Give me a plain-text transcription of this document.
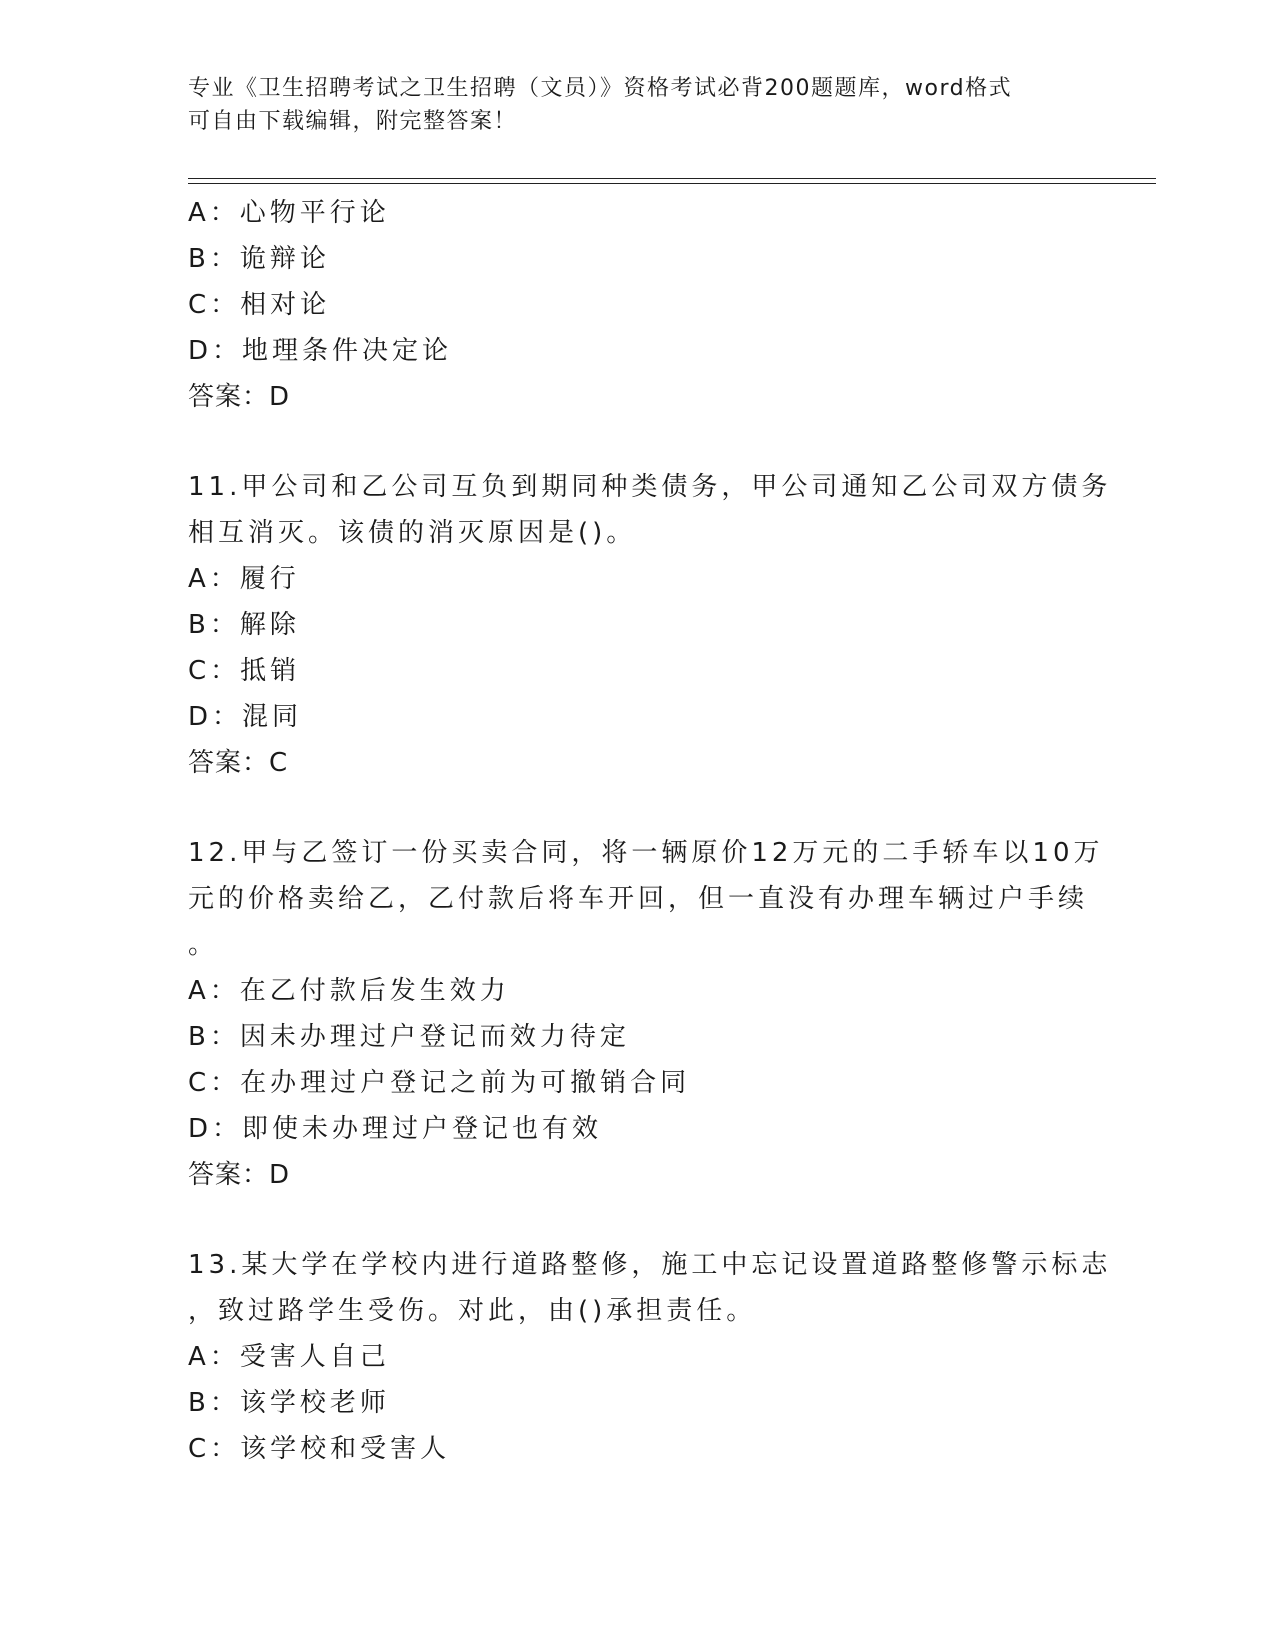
专业《卫生招聘考试之卫生招聘（文员）》资格考试必背200题题库，word格式
可自由下载编辑，附完整答案！
A：心物平行论
B：诡辩论
C：相对论
D：地理条件决定论
答案：D
11.甲公司和乙公司互负到期同种类债务，甲公司通知乙公司双方债务
相互消灭。该债的消灭原因是()。
A：履行
B：解除
C：抵销
D：混同
答案：C
12.甲与乙签订一份买卖合同，将一辆原价12万元的二手轿车以10万
元的价格卖给乙，乙付款后将车开回，但一直没有办理车辆过户手续
。
A：在乙付款后发生效力
B：因未办理过户登记而效力待定
C：在办理过户登记之前为可撤销合同
D：即使未办理过户登记也有效
答案：D
13.某大学在学校内进行道路整修，施工中忘记设置道路整修警示标志
，致过路学生受伤。对此，由()承担责任。
A：受害人自己
B：该学校老师
C：该学校和受害人
